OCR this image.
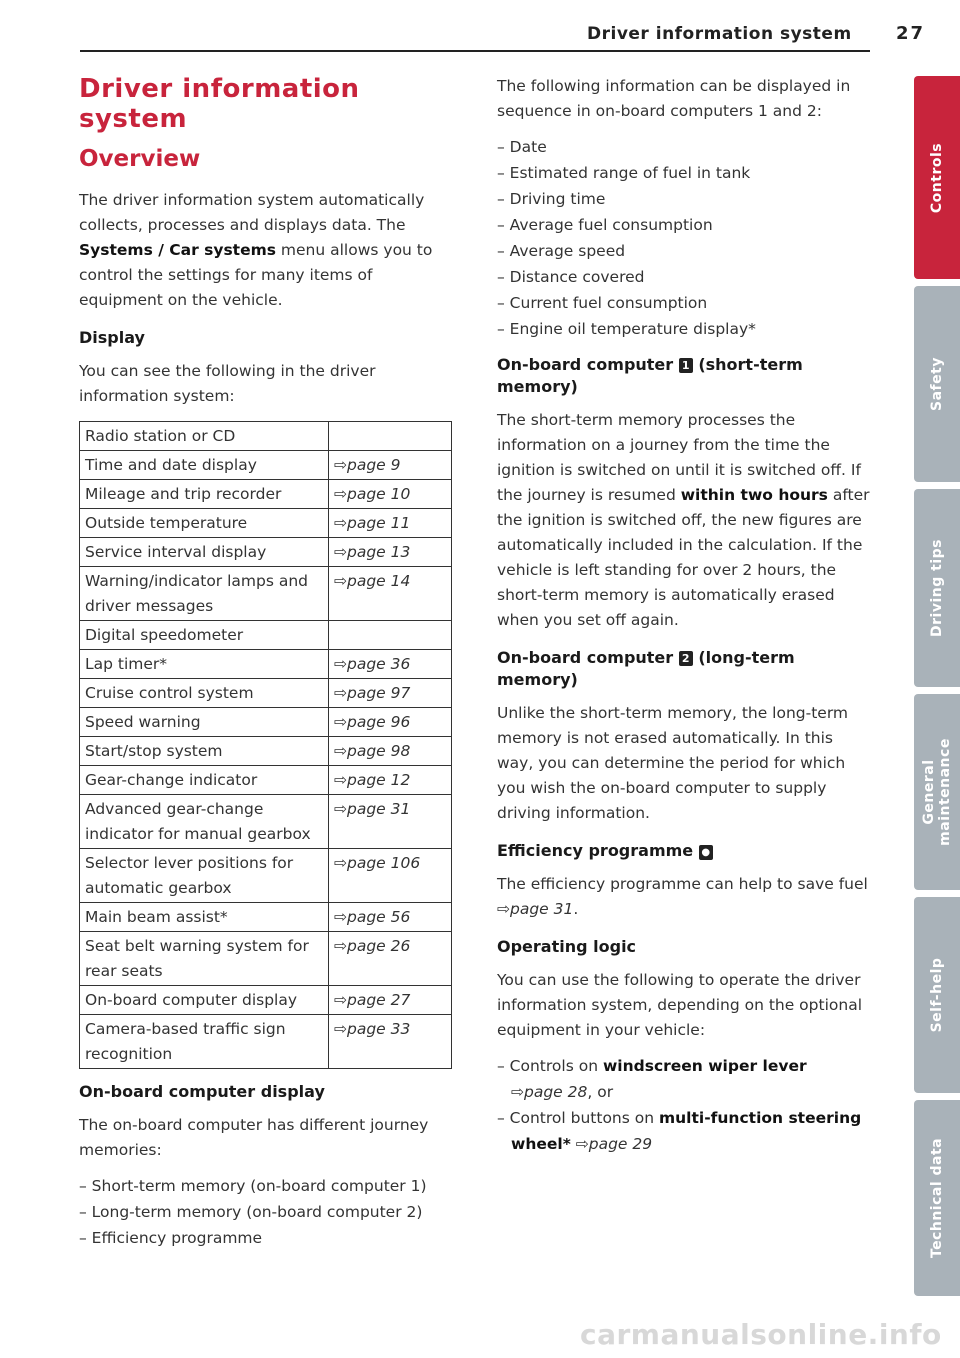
Driver information system 27
Driver information system
Overview

The driver information system automatically collects, processes and displays data. The Systems / Car systems menu allows you to control the settings for many items of equipment on the vehicle.

Display

You can see the following in the driver information system:

Radio station or CD	
Time and date display	⇨page 9
Mileage and trip recorder	⇨page 10
Outside temperature	⇨page 11
Service interval display	⇨page 13
Warning/indicator lamps and driver messages	⇨page 14
Digital speedometer	
Lap timer*	⇨page 36
Cruise control system	⇨page 97
Speed warning	⇨page 96
Start/stop system	⇨page 98
Gear-change indicator	⇨page 12
Advanced gear-change indicator for manual gearbox	⇨page 31
Selector lever positions for automatic gearbox	⇨page 106
Main beam assist*	⇨page 56
Seat belt warning system for rear seats	⇨page 26
On-board computer display	⇨page 27
Camera-based traffic sign recognition	⇨page 33
On-board computer display

The on-board computer has different journey memories:

– Short-term memory (on-board computer 1)
– Long-term memory (on-board computer 2)
– Efficiency programme

The following information can be displayed in sequence in on-board computers 1 and 2:

– Date
– Estimated range of fuel in tank
– Driving time
– Average fuel consumption
– Average speed
– Distance covered
– Current fuel consumption
– Engine oil temperature display*
On-board computer 1 (short-term memory)

The short-term memory processes the information on a journey from the time the ignition is switched on until it is switched off. If the journey is resumed within two hours after the ignition is switched off, the new figures are automatically included in the calculation. If the vehicle is left standing for over 2 hours, the short-term memory is automatically erased when you set off again.

On-board computer 2 (long-term memory)

Unlike the short-term memory, the long-term memory is not erased automatically. In this way, you can determine the period for which you wish the on-board computer to supply driving information.

Efficiency programme ●

The efficiency programme can help to save fuel ⇨page 31.

Operating logic

You can use the following to operate the driver information system, depending on the optional equipment in your vehicle:

– Controls on windscreen wiper lever
⇨page 28, or
– Control buttons on multi-function steering wheel* ⇨page 29
Controls
Safety
Driving tips
General maintenance
Self-help
Technical data
carmanualsonline.info
